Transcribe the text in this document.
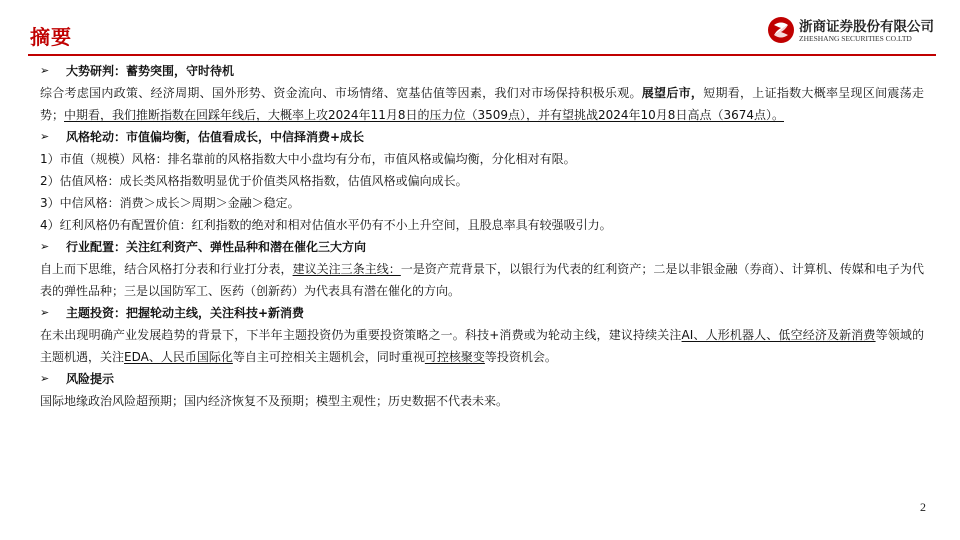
摘要	浙商证券股份有限公司
ZHESHANG SECURITIES CO.LTD
➢	大势研判：蓄势突围，守时待机
综合考虑国内政策、经济周期、国外形势、资金流向、市场情绪、宽基估值等因素，我们对市场保持积极乐观。展望后市，短期看，上证指数大概率呈现区间震荡走势；中期看，我们推断指数在回踩年线后，大概率上攻2024年11月8日的压力位（3509点），并有望挑战2024年10月8日高点（3674点）。
➢	风格轮动：市值偏均衡，估值看成长，中信择消费+成长
1）市值（规模）风格：排名靠前的风格指数大中小盘均有分布，市值风格或偏均衡，分化相对有限。
2）估值风格：成长类风格指数明显优于价值类风格指数，估值风格或偏向成长。
3）中信风格：消费＞成长＞周期＞金融＞稳定。
4）红利风格仍有配置价值：红利指数的绝对和相对估值水平仍有不小上升空间，且股息率具有较强吸引力。
➢	行业配置：关注红利资产、弹性品种和潜在催化三大方向
自上而下思维，结合风格打分表和行业打分表，建议关注三条主线：一是资产荒背景下，以银行为代表的红利资产；二是以非银金融（券商）、计算机、传媒和电子为代表的弹性品种；三是以国防军工、医药（创新药）为代表具有潜在催化的方向。
➢	主题投资：把握轮动主线，关注科技+新消费
在未出现明确产业发展趋势的背景下，下半年主题投资仍为重要投资策略之一。科技+消费或为轮动主线，建议持续关注AI、人形机器人、低空经济及新消费等领域的主题机遇，关注EDA、人民币国际化等自主可控相关主题机会，同时重视可控核聚变等投资机会。
➢	风险提示
国际地缘政治风险超预期；国内经济恢复不及预期；模型主观性；历史数据不代表未来。
2
